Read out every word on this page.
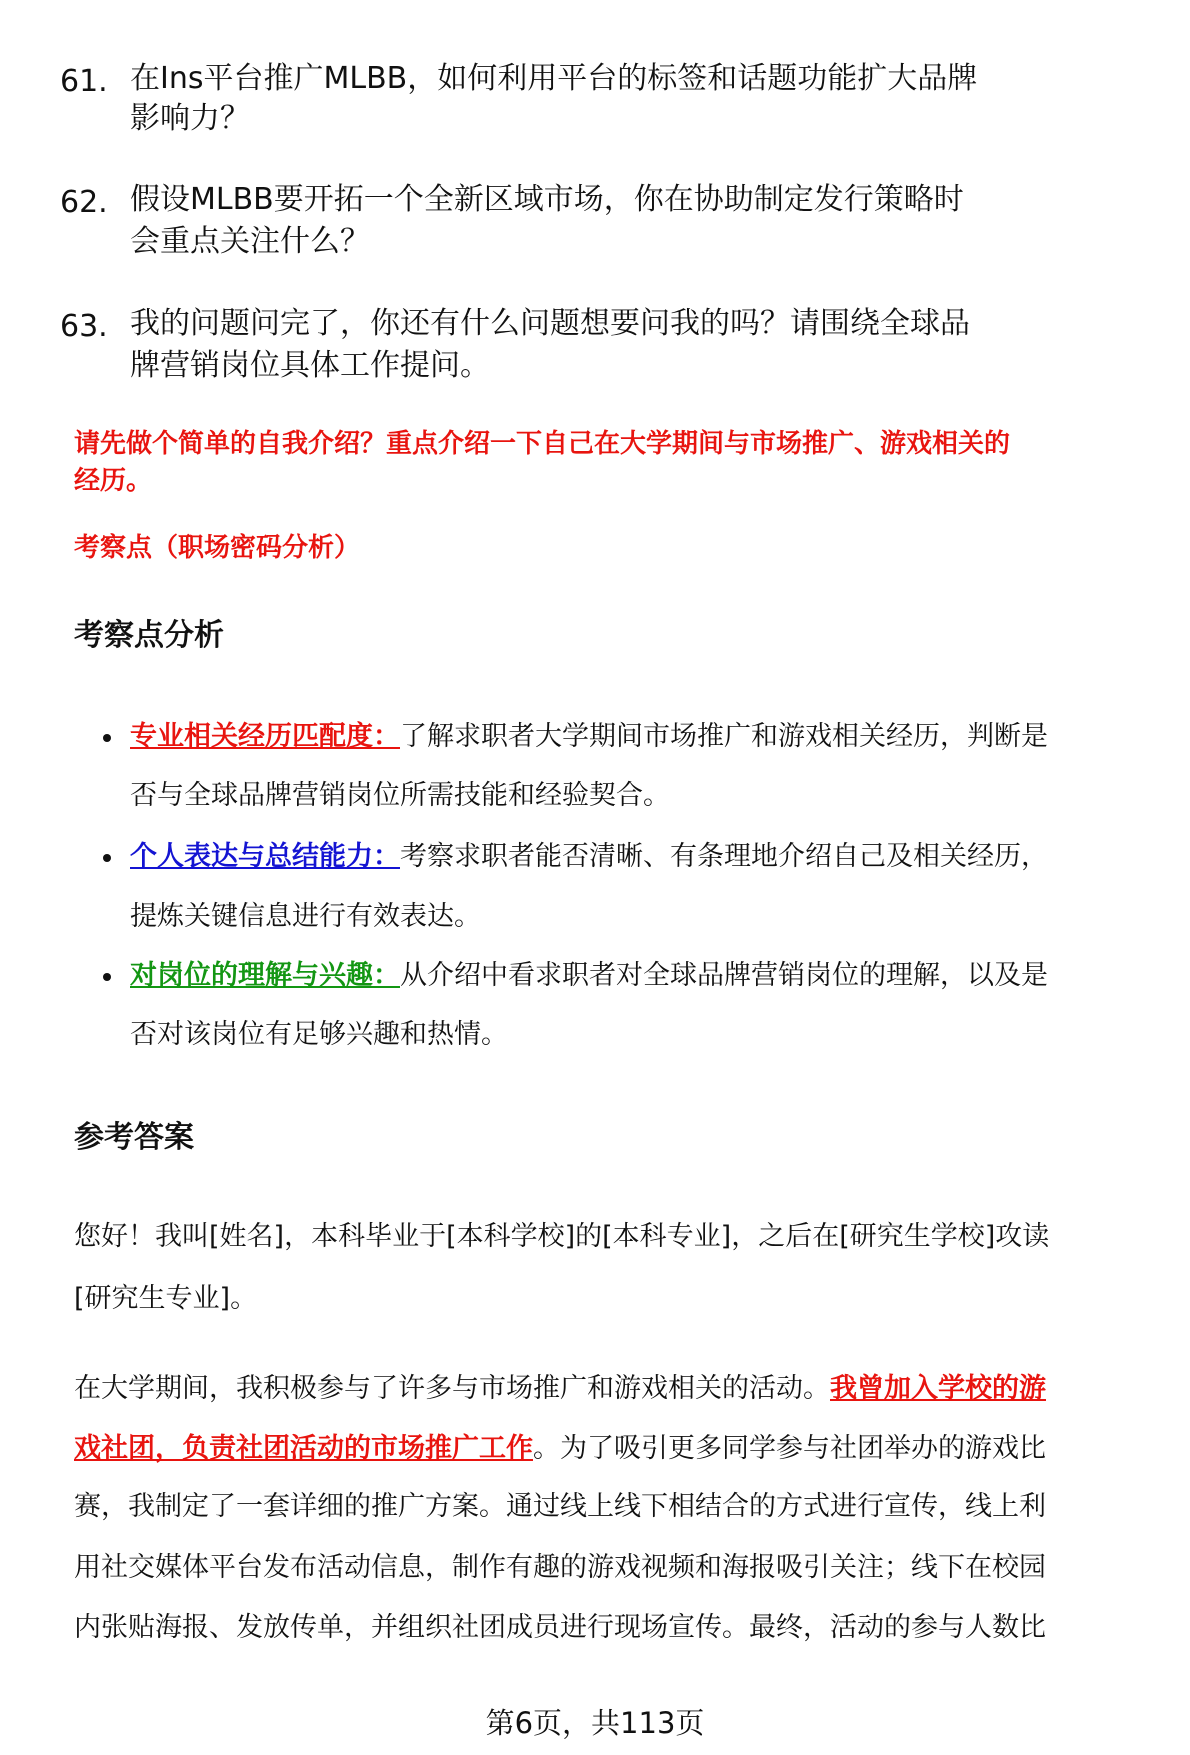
61. 在Ins平台推广MLBB，如何利用平台的标签和话题功能扩大品牌
影响力？
62. 假设MLBB要开拓一个全新区域市场，你在协助制定发行策略时
会重点关注什么？
63. 我的问题问完了，你还有什么问题想要问我的吗？请围绕全球品
牌营销岗位具体工作提问。
请先做个简单的自我介绍？重点介绍一下自己在大学期间与市场推广、游戏相关的
经历。
考察点（职场密码分析）
考察点分析
专业相关经历匹配度：了解求职者大学期间市场推广和游戏相关经历，判断是
否与全球品牌营销岗位所需技能和经验契合。
个人表达与总结能力：考察求职者能否清晰、有条理地介绍自己及相关经历，
提炼关键信息进行有效表达。
对岗位的理解与兴趣：从介绍中看求职者对全球品牌营销岗位的理解，以及是
否对该岗位有足够兴趣和热情。
参考答案
您好！我叫[姓名]，本科毕业于[本科学校]的[本科专业]，之后在[研究生学校]攻读
[研究生专业]。
在大学期间，我积极参与了许多与市场推广和游戏相关的活动。我曾加入学校的游
戏社团，负责社团活动的市场推广工作。为了吸引更多同学参与社团举办的游戏比
赛，我制定了一套详细的推广方案。通过线上线下相结合的方式进行宣传，线上利
用社交媒体平台发布活动信息，制作有趣的游戏视频和海报吸引关注；线下在校园
内张贴海报、发放传单，并组织社团成员进行现场宣传。最终，活动的参与人数比
第6页，共113页
